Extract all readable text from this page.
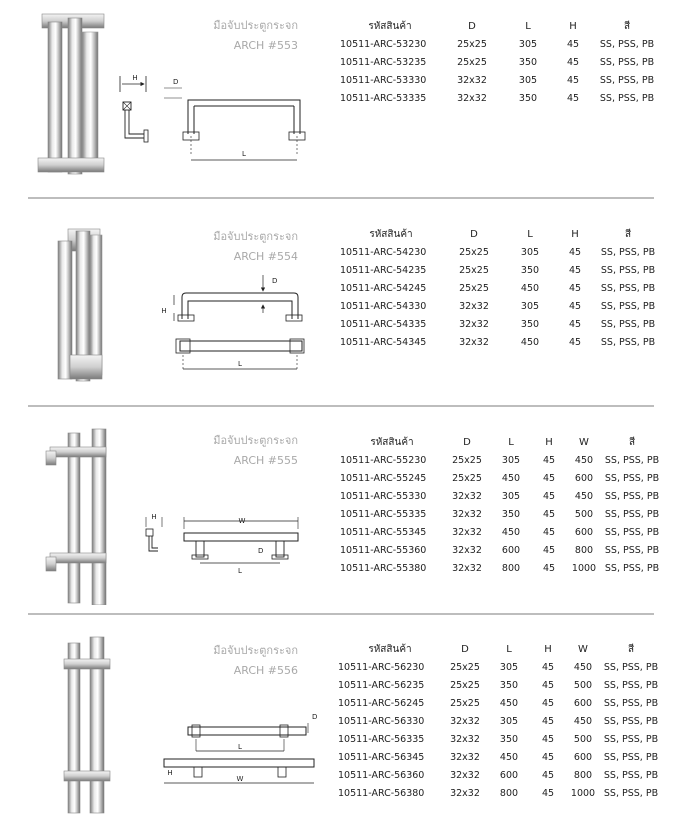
H	D
L
มือจับประตูกระจก
ARCH #553
รหัสสินค้า	D	L	H	สี
10511-ARC-53230	25x25	305	45	SS, PSS, PB
10511-ARC-53235	25x25	350	45	SS, PSS, PB
10511-ARC-53330	32x32	305	45	SS, PSS, PB
10511-ARC-53335	32x32	350	45	SS, PSS, PB
D
H
L
มือจับประตูกระจก
ARCH #554
รหัสสินค้า	D	L	H	สี
10511-ARC-54230	25x25	305	45	SS, PSS, PB
10511-ARC-54235	25x25	350	45	SS, PSS, PB
10511-ARC-54245	25x25	450	45	SS, PSS, PB
10511-ARC-54330	32x32	305	45	SS, PSS, PB
10511-ARC-54335	32x32	350	45	SS, PSS, PB
10511-ARC-54345	32x32	450	45	SS, PSS, PB
H	W
D
L
มือจับประตูกระจก
ARCH #555
รหัสสินค้า	D	L	H	W	สี
10511-ARC-55230	25x25	305	45	450	SS, PSS, PB
10511-ARC-55245	25x25	450	45	600	SS, PSS, PB
10511-ARC-55330	32x32	305	45	450	SS, PSS, PB
10511-ARC-55335	32x32	350	45	500	SS, PSS, PB
10511-ARC-55345	32x32	450	45	600	SS, PSS, PB
10511-ARC-55360	32x32	600	45	800	SS, PSS, PB
10511-ARC-55380	32x32	800	45	1000	SS, PSS, PB
D
L
H
W
มือจับประตูกระจก
ARCH #556
รหัสสินค้า	D	L	H	W	สี
10511-ARC-56230	25x25	305	45	450	SS, PSS, PB
10511-ARC-56235	25x25	350	45	500	SS, PSS, PB
10511-ARC-56245	25x25	450	45	600	SS, PSS, PB
10511-ARC-56330	32x32	305	45	450	SS, PSS, PB
10511-ARC-56335	32x32	350	45	500	SS, PSS, PB
10511-ARC-56345	32x32	450	45	600	SS, PSS, PB
10511-ARC-56360	32x32	600	45	800	SS, PSS, PB
10511-ARC-56380	32x32	800	45	1000	SS, PSS, PB
